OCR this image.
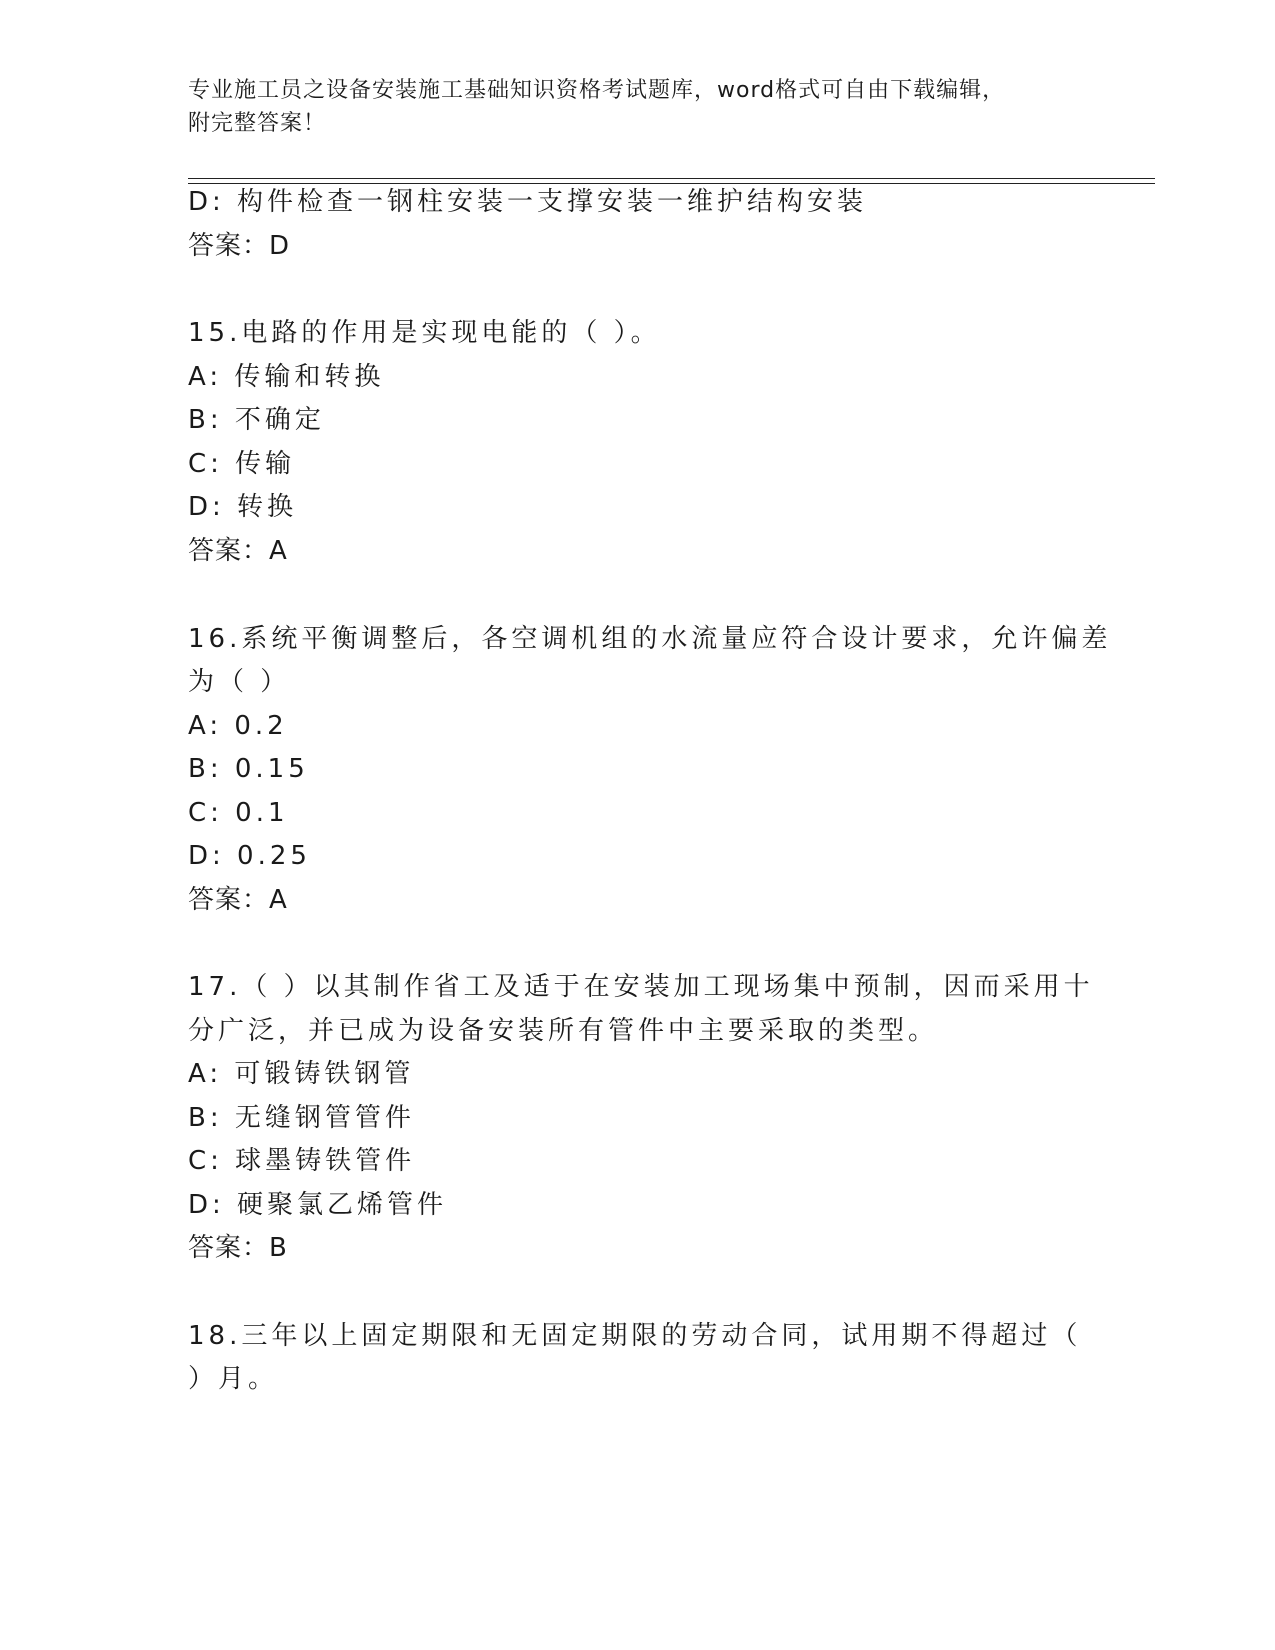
专业施工员之设备安装施工基础知识资格考试题库，word格式可自由下载编辑，
附完整答案！
D: 构件检查一钢柱安装一支撑安装一维护结构安装
答案：D
15.电路的作用是实现电能的（ ）。
A: 传输和转换
B: 不确定
C: 传输
D: 转换
答案：A
16.系统平衡调整后，各空调机组的水流量应符合设计要求，允许偏差
为（ ）
A: 0.2
B: 0.15
C: 0.1
D: 0.25
答案：A
17.（ ）以其制作省工及适于在安装加工现场集中预制，因而采用十
分广泛，并已成为设备安装所有管件中主要采取的类型。
A: 可锻铸铁钢管
B: 无缝钢管管件
C: 球墨铸铁管件
D: 硬聚氯乙烯管件
答案：B
18.三年以上固定期限和无固定期限的劳动合同，试用期不得超过（
）月。
